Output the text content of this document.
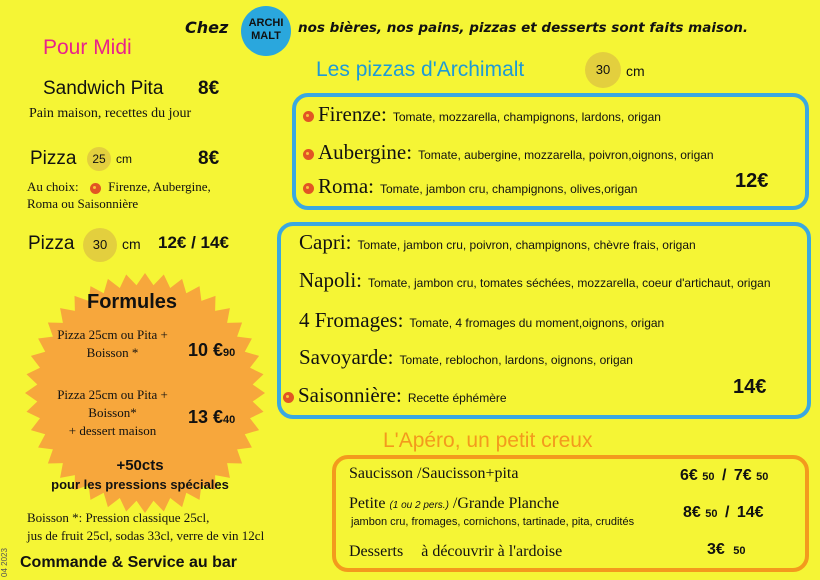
Chez	ARCHI
MALT	nos bières, nos pains, pizzas et desserts sont faits maison.
Pour Midi
Sandwich Pita 8€
Pain maison, recettes du jour
Pizza	25 cm	8€
Au choix: Firenze, Aubergine,
Roma ou Saisonnière
Pizza	30	cm 12€ / 14€
Formules
Pizza 25cm ou Pita +
Boisson *	10 €90
Pizza 25cm ou Pita +
Boisson*
+ dessert maison
13 €40
+50cts
pour les pressions spéciales
Boisson *: Pression classique 25cl,
jus de fruit 25cl, sodas 33cl, verre de vin 12cl
Commande & Service au bar
04 2023
Les pizzas d'Archimalt	30	cm
Firenze: Tomate, mozzarella, champignons, lardons, origan
Aubergine: Tomate, aubergine, mozzarella, poivron,oignons, origan
Roma: Tomate, jambon cru, champignons, olives,origan	12€
Capri: Tomate, jambon cru, poivron, champignons, chèvre frais, origan
Napoli: Tomate, jambon cru, tomates séchées, mozzarella, coeur d'artichaut, origan
4 Fromages: Tomate, 4 fromages du moment,oignons, origan
Savoyarde: Tomate, reblochon, lardons, oignons, origan
Saisonnière: Recette éphémère	14€
L'Apéro, un petit creux
Saucisson /Saucisson+pita	6€ 50 / 7€ 50
Petite (1 ou 2 pers.) /Grande Planche
jambon cru, fromages, cornichons, tartinade, pita, crudités
8€ 50 / 14€
Desserts à découvrir à l'ardoise	3€ 50
